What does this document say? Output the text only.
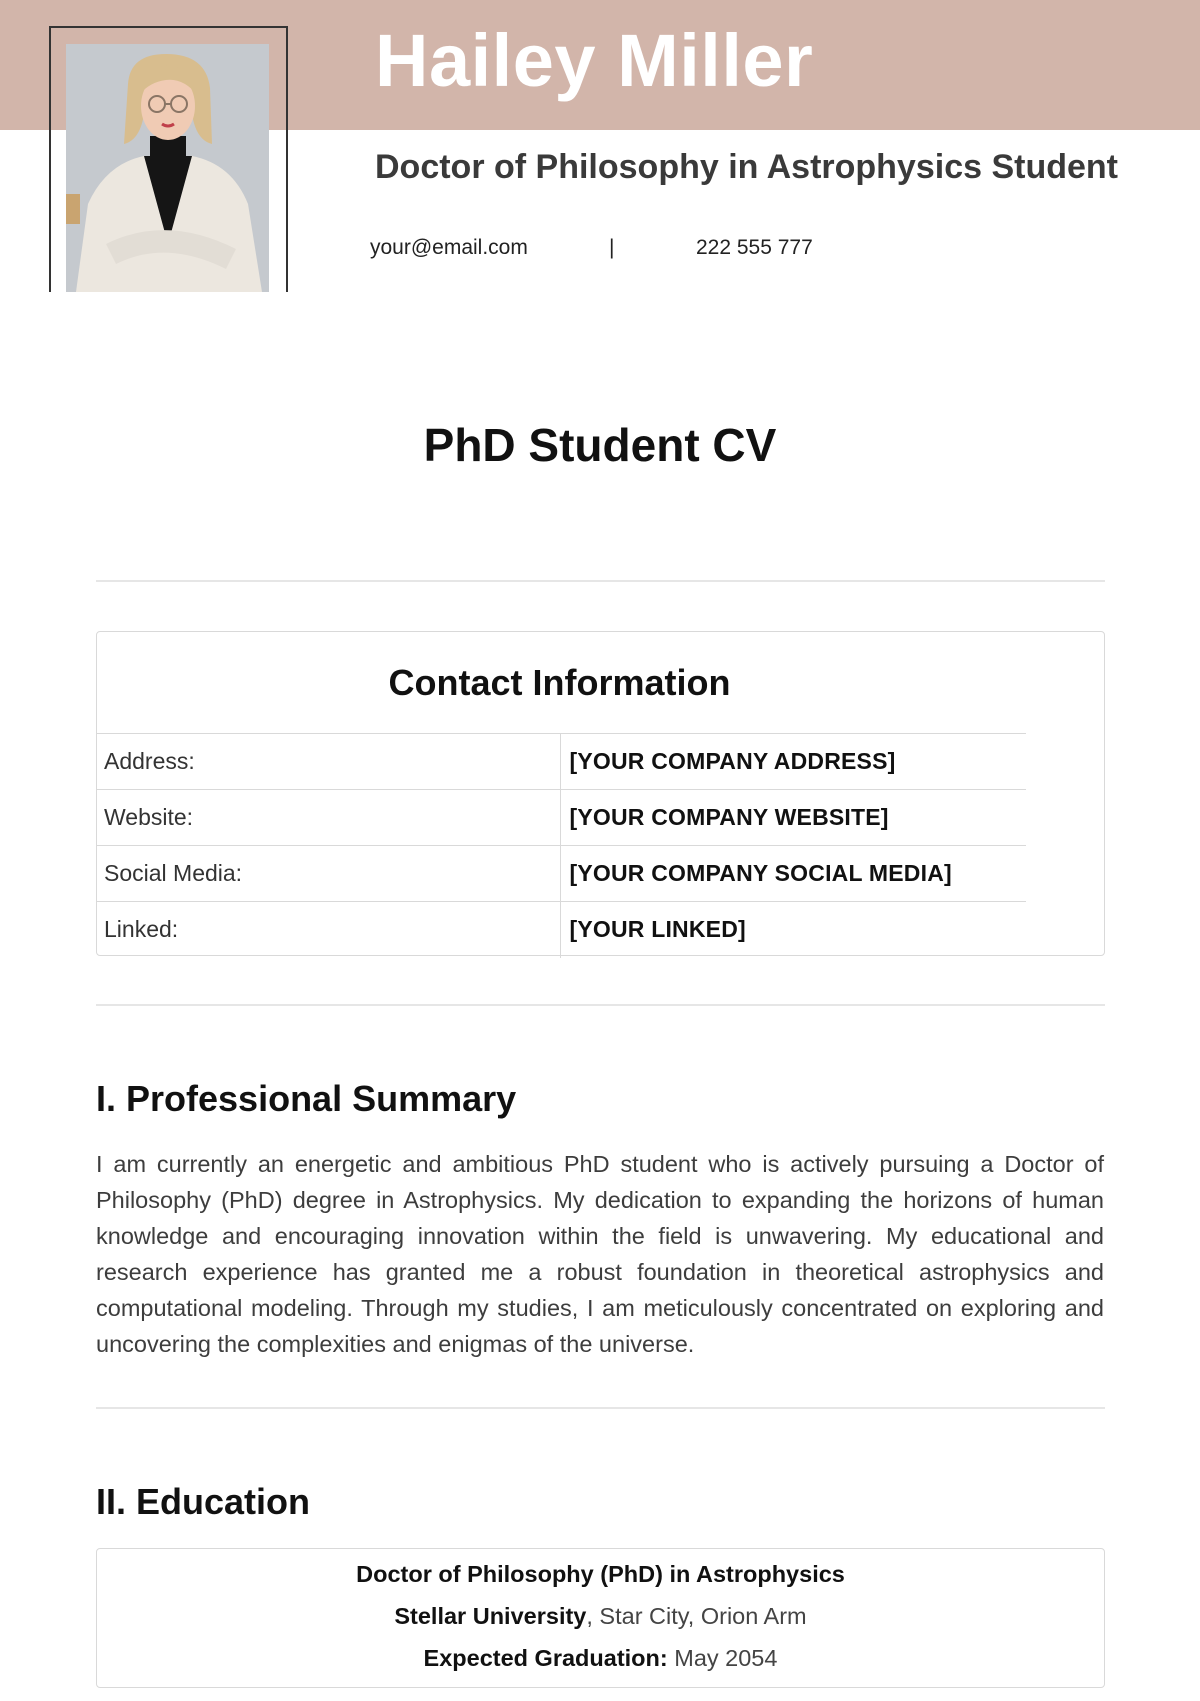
Hailey Miller
Doctor of Philosophy in Astrophysics Student
your@email.com	|	222 555 777
PhD Student CV
Contact Information
Address:	[YOUR COMPANY ADDRESS]
Website:	[YOUR COMPANY WEBSITE]
Social Media:	[YOUR COMPANY SOCIAL MEDIA]
Linked:	[YOUR LINKED]
I. Professional Summary

I am currently an energetic and ambitious PhD student who is actively pursuing a Doctor of Philosophy (PhD) degree in Astrophysics. My dedication to expanding the horizons of human knowledge and encouraging innovation within the field is unwavering. My educational and research experience has granted me a robust foundation in theoretical astrophysics and computational modeling. Through my studies, I am meticulously concentrated on exploring and uncovering the complexities and enigmas of the universe.

II. Education
Doctor of Philosophy (PhD) in Astrophysics
Stellar University, Star City, Orion Arm
Expected Graduation: May 2054
